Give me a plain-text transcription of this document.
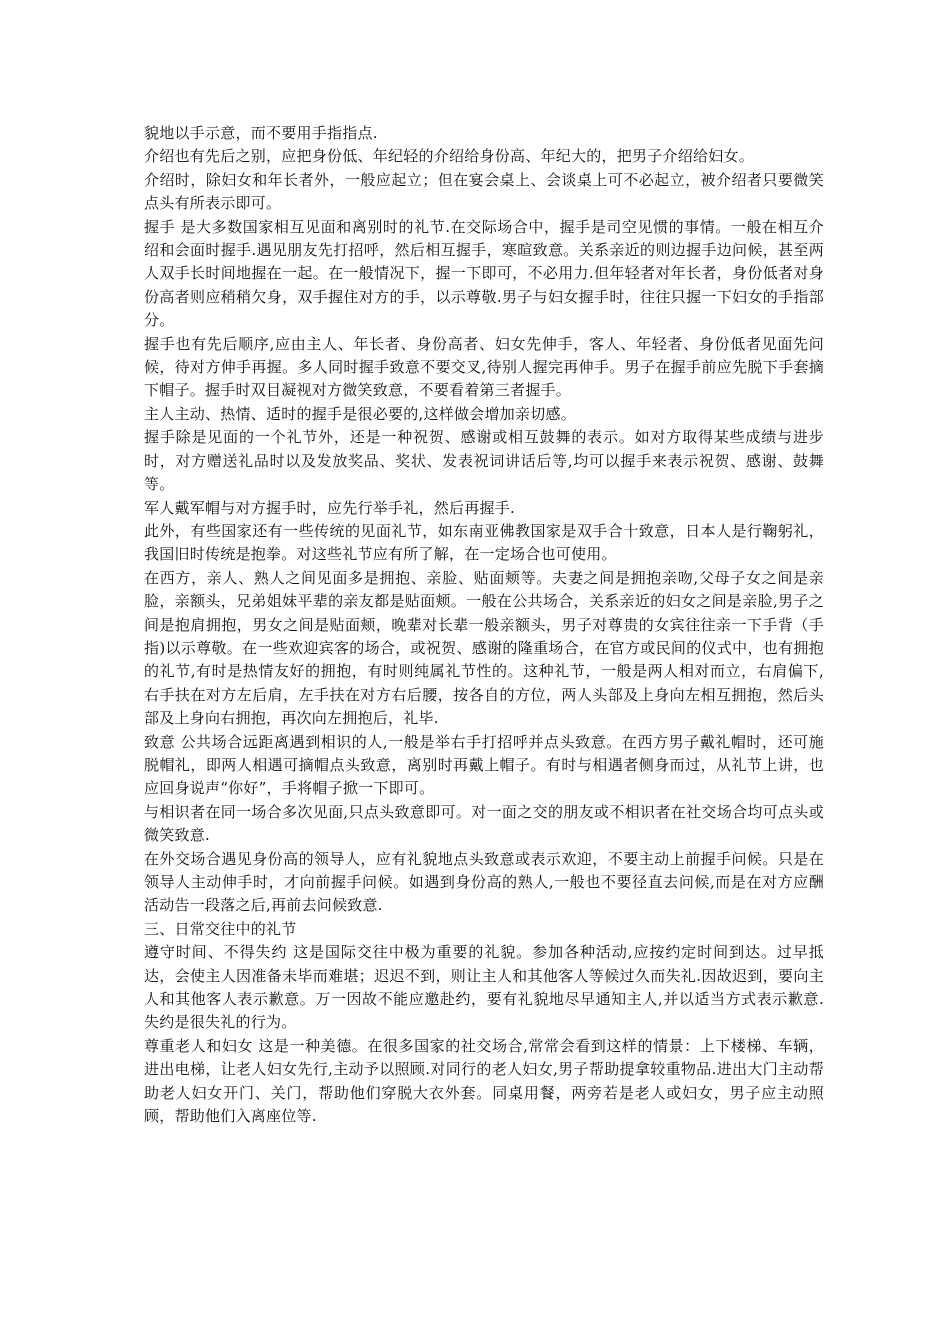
貌地以手示意，而不要用手指指点.

介绍也有先后之别，应把身份低、年纪轻的介绍给身份高、年纪大的，把男子介绍给妇女。

介绍时，除妇女和年长者外，一般应起立；但在宴会桌上、会谈桌上可不必起立，被介绍者只要微笑点头有所表示即可。

握手 是大多数国家相互见面和离别时的礼节.在交际场合中，握手是司空见惯的事情。一般在相互介绍和会面时握手.遇见朋友先打招呼，然后相互握手，寒暄致意。关系亲近的则边握手边问候，甚至两人双手长时间地握在一起。在一般情况下，握一下即可，不必用力.但年轻者对年长者，身份低者对身份高者则应稍稍欠身，双手握住对方的手，以示尊敬.男子与妇女握手时，往往只握一下妇女的手指部分。

握手也有先后顺序,应由主人、年长者、身份高者、妇女先伸手，客人、年轻者、身份低者见面先问候，待对方伸手再握。多人同时握手致意不要交叉,待别人握完再伸手。男子在握手前应先脱下手套摘下帽子。握手时双目凝视对方微笑致意，不要看着第三者握手。

主人主动、热情、适时的握手是很必要的,这样做会增加亲切感。

握手除是见面的一个礼节外，还是一种祝贺、感谢或相互鼓舞的表示。如对方取得某些成绩与进步时，对方赠送礼品时以及发放奖品、奖状、发表祝词讲话后等,均可以握手来表示祝贺、感谢、鼓舞等。

军人戴军帽与对方握手时，应先行举手礼，然后再握手.

此外，有些国家还有一些传统的见面礼节，如东南亚佛教国家是双手合十致意，日本人是行鞠躬礼，我国旧时传统是抱拳。对这些礼节应有所了解，在一定场合也可使用。

在西方，亲人、熟人之间见面多是拥抱、亲脸、贴面颊等。夫妻之间是拥抱亲吻,父母子女之间是亲脸，亲额头，兄弟姐妹平辈的亲友都是贴面颊。一般在公共场合，关系亲近的妇女之间是亲脸,男子之间是抱肩拥抱，男女之间是贴面颊，晚辈对长辈一般亲额头，男子对尊贵的女宾往往亲一下手背（手指)以示尊敬。在一些欢迎宾客的场合，或祝贺、感谢的隆重场合，在官方或民间的仪式中，也有拥抱的礼节,有时是热情友好的拥抱，有时则纯属礼节性的。这种礼节，一般是两人相对而立，右肩偏下,右手扶在对方左后肩，左手扶在对方右后腰，按各自的方位，两人头部及上身向左相互拥抱，然后头部及上身向右拥抱，再次向左拥抱后，礼毕.

致意 公共场合远距离遇到相识的人,一般是举右手打招呼并点头致意。在西方男子戴礼帽时，还可施脱帽礼，即两人相遇可摘帽点头致意，离别时再戴上帽子。有时与相遇者侧身而过，从礼节上讲，也应回身说声“你好”，手将帽子掀一下即可。

与相识者在同一场合多次见面,只点头致意即可。对一面之交的朋友或不相识者在社交场合均可点头或微笑致意.

在外交场合遇见身份高的领导人，应有礼貌地点头致意或表示欢迎，不要主动上前握手问候。只是在领导人主动伸手时，才向前握手问候。如遇到身份高的熟人,一般也不要径直去问候,而是在对方应酬活动告一段落之后,再前去问候致意.

三、日常交往中的礼节

遵守时间、不得失约 这是国际交往中极为重要的礼貌。参加各种活动,应按约定时间到达。过早抵达，会使主人因准备未毕而难堪；迟迟不到，则让主人和其他客人等候过久而失礼.因故迟到，要向主人和其他客人表示歉意。万一因故不能应邀赴约，要有礼貌地尽早通知主人,并以适当方式表示歉意.失约是很失礼的行为。

尊重老人和妇女 这是一种美德。在很多国家的社交场合,常常会看到这样的情景：上下楼梯、车辆，进出电梯，让老人妇女先行,主动予以照顾.对同行的老人妇女,男子帮助提拿较重物品.进出大门主动帮助老人妇女开门、关门，帮助他们穿脱大衣外套。同桌用餐，两旁若是老人或妇女，男子应主动照顾，帮助他们入离座位等.
